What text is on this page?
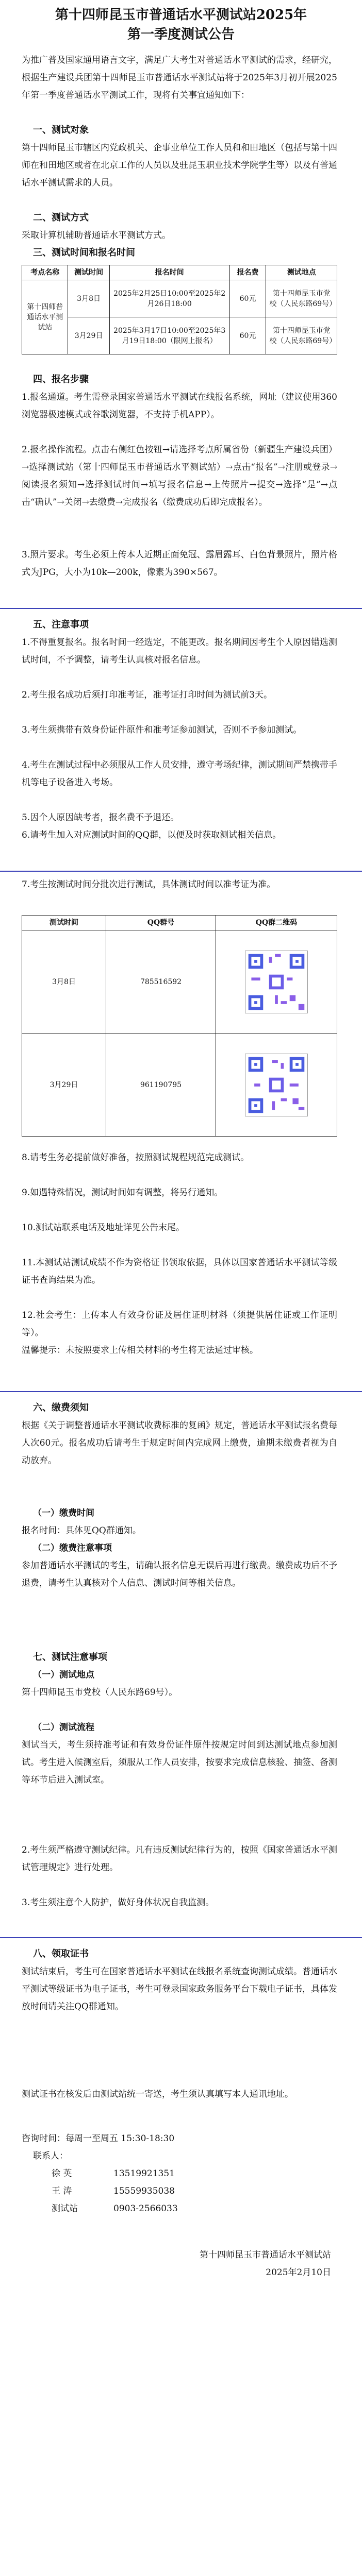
第十四师昆玉市普通话水平测试站2025年
第一季度测试公告
为推广普及国家通用语言文字，满足广大考生对普通话水平测试的需求，经研究，根据生产建设兵团第十四师昆玉市普通话水平测试站将于2025年3月初开展2025年第一季度普通话水平测试工作，现将有关事宜通知如下：
一、测试对象
第十四师昆玉市辖区内党政机关、企事业单位工作人员和和田地区（包括与第十四师在和田地区或者在北京工作的人员以及驻昆玉职业技术学院学生等）以及有普通话水平测试需求的人员。
二、测试方式
采取计算机辅助普通话水平测试方式。
三、测试时间和报名时间
考点名称	测试时间	报名时间	报名费	测试地点
第十四师普通话水平测试站	3月8日	2025年2月25日10:00至2025年2月26日18:00	60元	第十四师昆玉市党校（人民东路69号）
	3月29日	2025年3月17日10:00至2025年3月19日18:00（限网上报名）	60元	第十四师昆玉市党校（人民东路69号）
四、报名步骤
1.报名通道。考生需登录国家普通话水平测试在线报名系统，网址（建议使用360浏览器极速模式或谷歌浏览器，不支持手机APP）。
2.报名操作流程。点击右侧红色按钮→请选择考点所属省份（新疆生产建设兵团）→选择测试站（第十四师昆玉市普通话水平测试站）→点击“报名”→注册或登录→阅读报名须知→选择测试时间→填写报名信息→上传照片→提交→选择“是”→点击“确认”→关闭→去缴费→完成报名（缴费成功后即完成报名）。
3.照片要求。考生必须上传本人近期正面免冠、露眉露耳、白色背景照片，照片格式为JPG，大小为10k—200k，像素为390×567。
五、注意事项
1.不得重复报名。报名时间一经选定，不能更改。报名期间因考生个人原因错选测试时间，不予调整，请考生认真核对报名信息。
2.考生报名成功后须打印准考证，准考证打印时间为测试前3天。
3.考生须携带有效身份证件原件和准考证参加测试，否则不予参加测试。
4.考生在测试过程中必须服从工作人员安排，遵守考场纪律，测试期间严禁携带手机等电子设备进入考场。
5.因个人原因缺考者，报名费不予退还。
6.请考生加入对应测试时间的QQ群，以便及时获取测试相关信息。
7.考生按测试时间分批次进行测试，具体测试时间以准考证为准。
测试时间	QQ群号	QQ群二维码
3月8日	785516592	

3月29日	961190795	
8.请考生务必提前做好准备，按照测试规程规范完成测试。
9.如遇特殊情况，测试时间如有调整，将另行通知。
10.测试站联系电话及地址详见公告末尾。
11.本测试站测试成绩不作为资格证书领取依据，具体以国家普通话水平测试等级证书查询结果为准。
12.社会考生：上传本人有效身份证及居住证明材料（须提供居住证或工作证明等）。
温馨提示：未按照要求上传相关材料的考生将无法通过审核。
六、缴费须知
根据《关于调整普通话水平测试收费标准的复函》规定，普通话水平测试报名费每人次60元。报名成功后请考生于规定时间内完成网上缴费，逾期未缴费者视为自动放弃。
（一）缴费时间
报名时间：具体见QQ群通知。
（二）缴费注意事项
参加普通话水平测试的考生，请确认报名信息无误后再进行缴费。缴费成功后不予退费，请考生认真核对个人信息、测试时间等相关信息。
七、测试注意事项
（一）测试地点
第十四师昆玉市党校（人民东路69号）。
（二）测试流程
测试当天，考生须持准考证和有效身份证件原件按规定时间到达测试地点参加测试。考生进入候测室后，须服从工作人员安排，按要求完成信息核验、抽签、备测等环节后进入测试室。
2.考生须严格遵守测试纪律。凡有违反测试纪律行为的，按照《国家普通话水平测试管理规定》进行处理。
3.考生须注意个人防护，做好身体状况自我监测。
八、领取证书
测试结束后，考生可在国家普通话水平测试在线报名系统查询测试成绩。普通话水平测试等级证书为电子证书，考生可登录国家政务服务平台下载电子证书，具体发放时间请关注QQ群通知。
测试证书在核发后由测试站统一寄送，考生须认真填写本人通讯地址。
咨询时间：每周一至周五 15:30-18:30
联系人：
徐 英	13519921351
王 涛	15559935038
测试站	0903-2566033
第十四师昆玉市普通话水平测试站
2025年2月10日
